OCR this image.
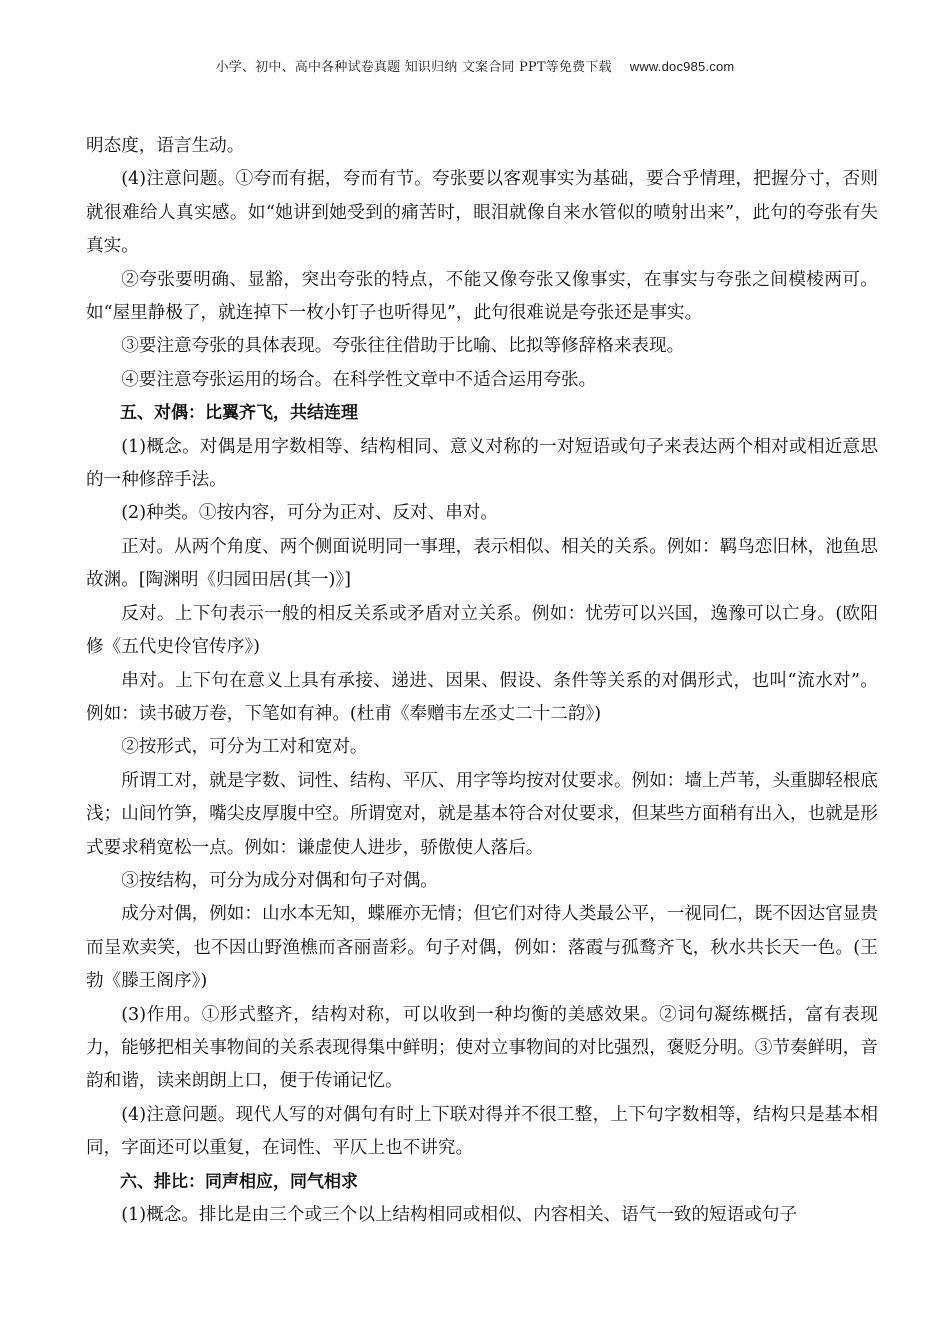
小学、初中、高中各种试卷真题 知识归纳 文案合同 PPT等免费下载 www.doc985.com

明态度，语言生动。

(4)注意问题。①夸而有据，夸而有节。夸张要以客观事实为基础，要合乎情理，把握分寸，否则就很难给人真实感。如“她讲到她受到的痛苦时，眼泪就像自来水管似的喷射出来”，此句的夸张有失真实。

②夸张要明确、显豁，突出夸张的特点，不能又像夸张又像事实，在事实与夸张之间模棱两可。如“屋里静极了，就连掉下一枚小钉子也听得见”，此句很难说是夸张还是事实。

③要注意夸张的具体表现。夸张往往借助于比喻、比拟等修辞格来表现。

④要注意夸张运用的场合。在科学性文章中不适合运用夸张。

五、对偶：比翼齐飞，共结连理

(1)概念。对偶是用字数相等、结构相同、意义对称的一对短语或句子来表达两个相对或相近意思的一种修辞手法。

(2)种类。①按内容，可分为正对、反对、串对。

正对。从两个角度、两个侧面说明同一事理，表示相似、相关的关系。例如：羁鸟恋旧林，池鱼思故渊。[陶渊明《归园田居(其一)》]

反对。上下句表示一般的相反关系或矛盾对立关系。例如：忧劳可以兴国，逸豫可以亡身。(欧阳修《五代史伶官传序》)

串对。上下句在意义上具有承接、递进、因果、假设、条件等关系的对偶形式，也叫“流水对”。例如：读书破万卷，下笔如有神。(杜甫《奉赠韦左丞丈二十二韵》)

②按形式，可分为工对和宽对。

所谓工对，就是字数、词性、结构、平仄、用字等均按对仗要求。例如：墙上芦苇，头重脚轻根底浅；山间竹笋，嘴尖皮厚腹中空。所谓宽对，就是基本符合对仗要求，但某些方面稍有出入，也就是形式要求稍宽松一点。例如：谦虚使人进步，骄傲使人落后。

③按结构，可分为成分对偶和句子对偶。

成分对偶，例如：山水本无知，蝶雁亦无情；但它们对待人类最公平，一视同仁，既不因达官显贵而呈欢卖笑，也不因山野渔樵而吝丽啬彩。句子对偶，例如：落霞与孤鹜齐飞，秋水共长天一色。(王勃《滕王阁序》)

(3)作用。①形式整齐，结构对称，可以收到一种均衡的美感效果。②词句凝练概括，富有表现力，能够把相关事物间的关系表现得集中鲜明；使对立事物间的对比强烈，褒贬分明。③节奏鲜明，音韵和谐，读来朗朗上口，便于传诵记忆。

(4)注意问题。现代人写的对偶句有时上下联对得并不很工整，上下句字数相等，结构只是基本相同，字面还可以重复，在词性、平仄上也不讲究。

六、排比：同声相应，同气相求

(1)概念。排比是由三个或三个以上结构相同或相似、内容相关、语气一致的短语或句子
